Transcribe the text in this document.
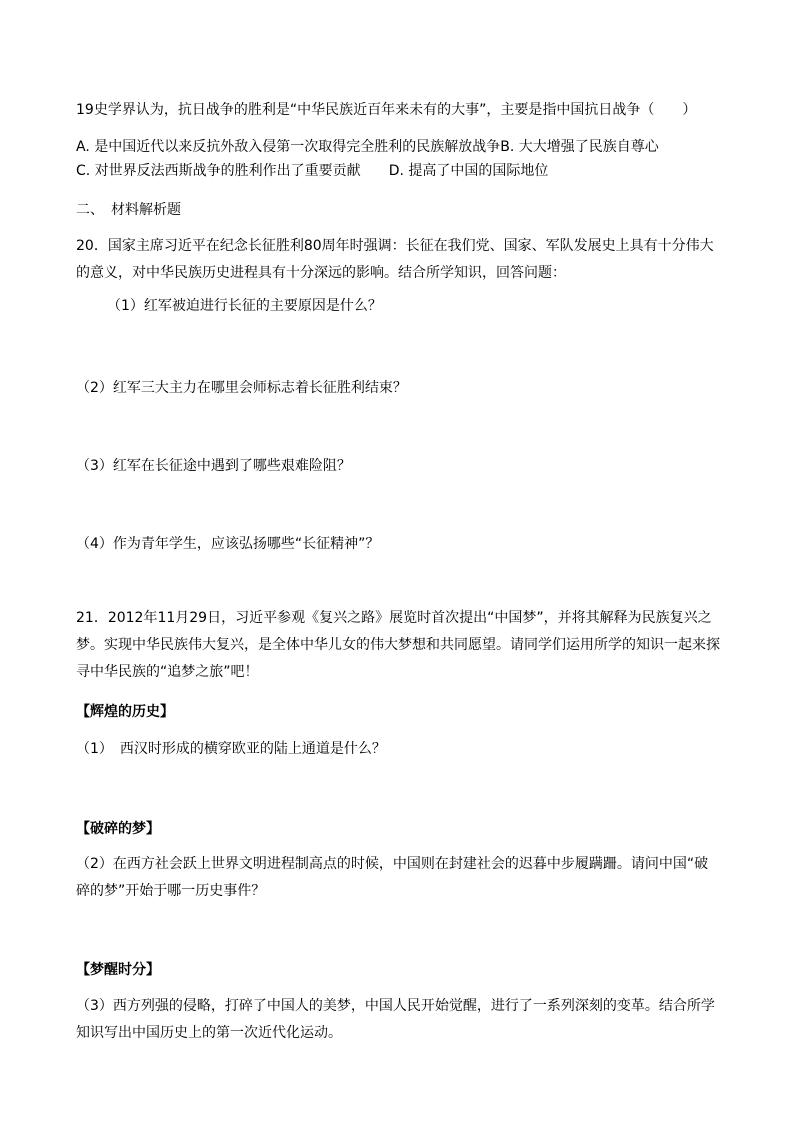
19史学界认为，抗日战争的胜利是“中华民族近百年来未有的大事”，主要是指中国抗日战争（　　）
A. 是中国近代以来反抗外敌入侵第一次取得完全胜利的民族解放战争B. 大大增强了民族自尊心
C. 对世界反法西斯战争的胜利作出了重要贡献 D. 提高了中国的国际地位
二、　材料解析题
20．国家主席习近平在纪念长征胜利80周年时强调：长征在我们党、国家、军队发展史上具有十分伟大
的意义，对中华民族历史进程具有十分深远的影响。结合所学知识，回答问题：
（1）红军被迫进行长征的主要原因是什么？
（2）红军三大主力在哪里会师标志着长征胜利结束？
（3）红军在长征途中遇到了哪些艰难险阻？
（4）作为青年学生，应该弘扬哪些“长征精神”？
21．2012年11月29日，习近平参观《复兴之路》展览时首次提出“中国梦”，并将其解释为民族复兴之
梦。实现中华民族伟大复兴，是全体中华儿女的伟大梦想和共同愿望。请同学们运用所学的知识一起来探
寻中华民族的“追梦之旅”吧！
【辉煌的历史】
（1）　西汉时形成的横穿欧亚的陆上通道是什么？
【破碎的梦】
（2）在西方社会跃上世界文明进程制高点的时候，中国则在封建社会的迟暮中步履蹒跚。请问中国“破
碎的梦”开始于哪一历史事件？
【梦醒时分】
（3）西方列强的侵略，打碎了中国人的美梦，中国人民开始觉醒，进行了一系列深刻的变革。结合所学
知识写出中国历史上的第一次近代化运动。
